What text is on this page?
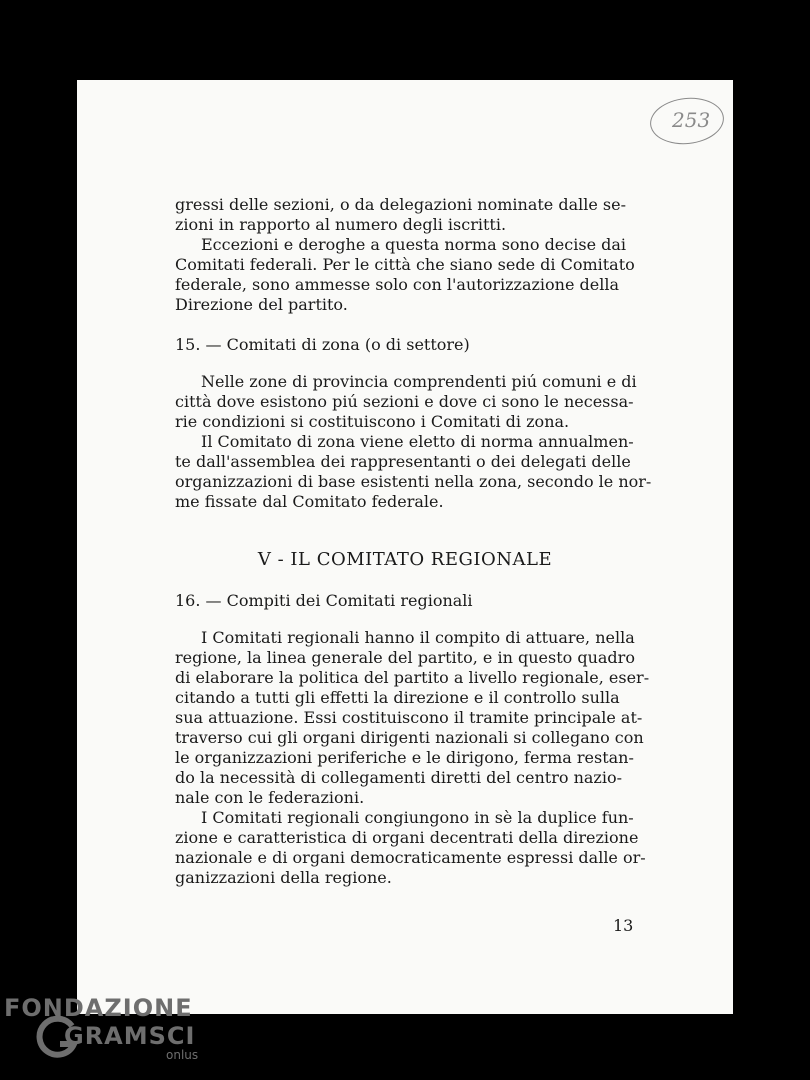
253

gressi delle sezioni, o da delegazioni nominate dalle se-
zioni in rapporto al numero degli iscritti.

Eccezioni e deroghe a questa norma sono decise dai
Comitati federali. Per le città che siano sede di Comitato
federale, sono ammesse solo con l'autorizzazione della
Direzione del partito.

15. — Comitati di zona (o di settore)

Nelle zone di provincia comprendenti piú comuni e di
città dove esistono piú sezioni e dove ci sono le necessa-
rie condizioni si costituiscono i Comitati di zona.

Il Comitato di zona viene eletto di norma annualmen-
te dall'assemblea dei rappresentanti o dei delegati delle
organizzazioni di base esistenti nella zona, secondo le nor-
me fissate dal Comitato federale.

V - IL COMITATO REGIONALE
16. — Compiti dei Comitati regionali

I Comitati regionali hanno il compito di attuare, nella
regione, la linea generale del partito, e in questo quadro
di elaborare la politica del partito a livello regionale, eser-
citando a tutti gli effetti la direzione e il controllo sulla
sua attuazione. Essi costituiscono il tramite principale at-
traverso cui gli organi dirigenti nazionali si collegano con
le organizzazioni periferiche e le dirigono, ferma restan-
do la necessità di collegamenti diretti del centro nazio-
nale con le federazioni.

I Comitati regionali congiungono in sè la duplice fun-
zione e caratteristica di organi decentrati della direzione
nazionale e di organi democraticamente espressi dalle or-
ganizzazioni della regione.

13
FONDAZIONE
GRAMSCI
onlus
